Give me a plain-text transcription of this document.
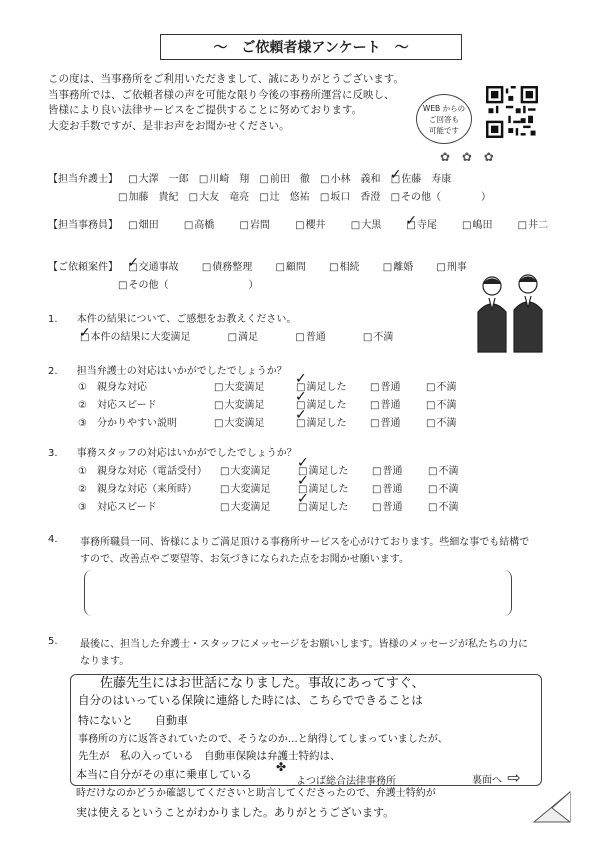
～　ご依頼者様アンケート　～
この度は、当事務所をご利用いただきまして、誠にありがとうございます。
当事務所では、ご依頼者様の声を可能な限り今後の事務所運営に反映し、
皆様により良い法律サービスをご提供することに努めております。
大変お手数ですが、是非お声をお聞かせください。
WEB からの
ご回答も
可能です
✿ ✿ ✿
【担当弁護士】 □ 大澤　一郎 □ 川崎　翔 □ 前田　徹 □ 小林　義和 □ 佐藤　寿康 ✓
□ 加藤　貴紀 □ 大友　竜亮 □ 辻　悠祐 □ 坂口　香澄 □ その他（　　　　）
【担当事務員】 □ 畑田	□ 高橋	□ 岩間	□ 櫻井	□ 大黒	□ 寺尾 ✓	□ 嶋田	□ 井二
【ご依頼案件】 □ 交通事故 ✓	□ 債務整理	□ 顧問	□ 相続	□ 離婚	□ 刑事
□ その他（　　　　　　　　）
1. 本件の結果について、ご感想をお教えください。
□ 本件の結果に大変満足 ✓	□ 満足	□ 普通	□ 不満
2. 担当弁護士の対応はいかがでしたでしょうか？
①　親身な対応	□ 大変満足	□ 満足した ✓	□ 普通	□ 不満
②　対応スピード	□ 大変満足	□ 満足した ✓	□ 普通	□ 不満
③　分かりやすい説明	□ 大変満足	□ 満足した ✓	□ 普通	□ 不満
3. 事務スタッフの対応はいかがでしたでしょうか？
①　親身な対応（電話受付）	□ 大変満足	□ 満足した ✓	□ 普通	□ 不満
②　親身な対応（来所時）	□ 大変満足	□ 満足した ✓	□ 普通	□ 不満
③　対応スピード	□ 大変満足	□ 満足した ✓	□ 普通	□ 不満
4. 事務所職員一同、皆様によりご満足頂ける事務所サービスを心がけております。些細な事でも結構で
すので、改善点やご要望等、お気づきになられた点をお聞かせ願います。
5. 最後に、担当した弁護士・スタッフにメッセージをお願いします。皆様のメッセージが私たちの力に
なります。
佐藤先生にはお世話になりました。事故にあってすぐ、
自分のはいっている保険に連絡した時には、こちらでできることは
特にないと　　自動車
事務所の方に返答されていたので、そうなのか…と納得してしまっていましたが、
先生が　私の入っている　自動車保険は弁護士特約は、
本当に自分がその車に乗車している
時だけなのかどうか確認してくださいと助言してくださったので、弁護士特約が
実は使えるということがわかりました。ありがとうございます。
✤
よつば総合法律事務所	裏面へ ⇨
